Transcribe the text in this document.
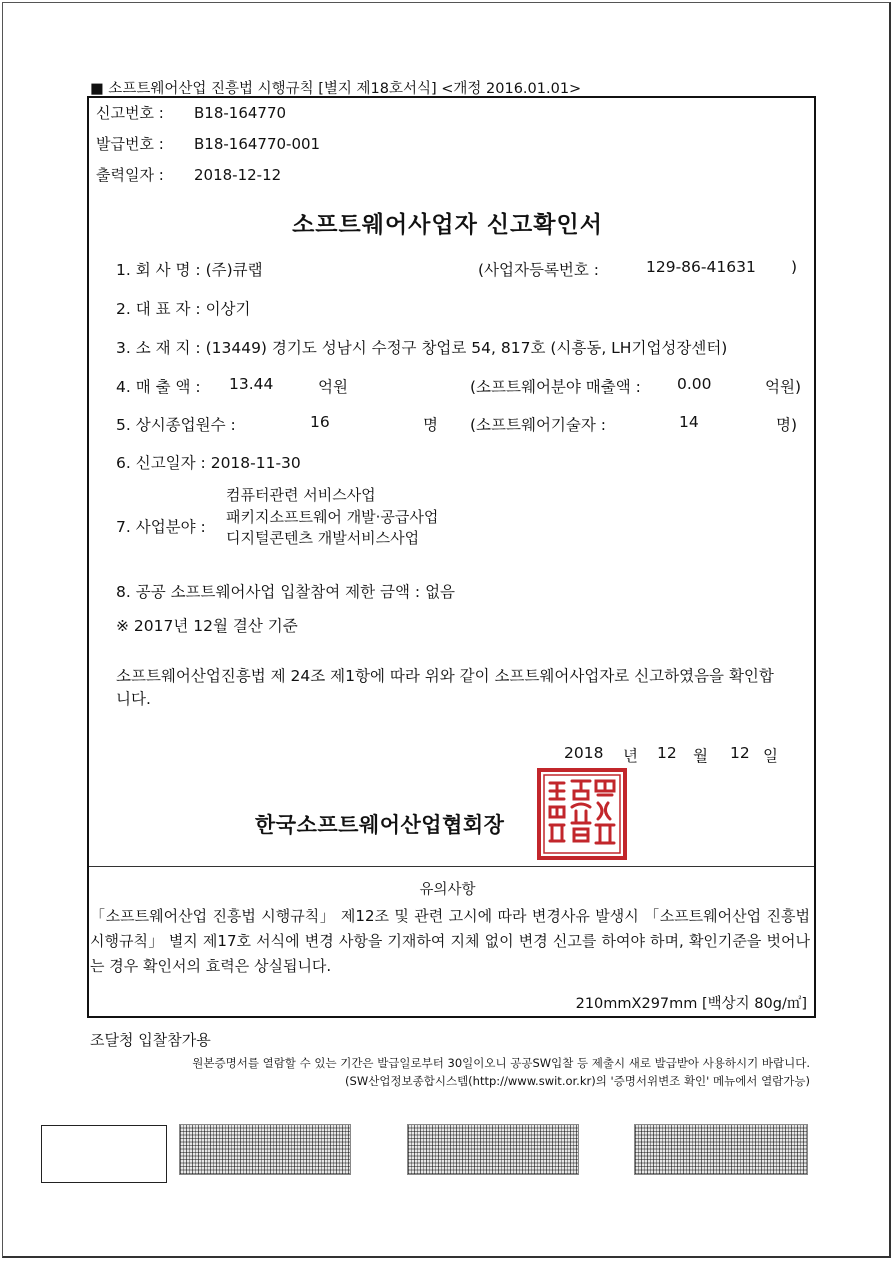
■ 소프트웨어산업 진흥법 시행규칙 [별지 제18호서식] <개정 2016.01.01>
신고번호 : B18-164770
발급번호 : B18-164770-001
출력일자 : 2018-12-12
소프트웨어사업자 신고확인서
1. 회 사 명 : (주)큐랩	(사업자등록번호 :	129-86-41631 )
2. 대 표 자 : 이상기
3. 소 재 지 : (13449) 경기도 성남시 수정구 창업로 54, 817호 (시흥동, LH기업성장센터)
4. 매 출 액 : 13.44	억원	(소프트웨어분야 매출액 : 0.00	억원)
5. 상시종업원수 :	16	명 (소프트웨어기술자 :	14	명)
6. 신고일자 : 2018-11-30
7. 사업분야 :
컴퓨터관련 서비스사업
패키지소프트웨어 개발·공급사업
디지털콘텐츠 개발서비스사업
8. 공공 소프트웨어사업 입찰참여 제한 금액 : 없음
※ 2017년 12월 결산 기준
소프트웨어산업진흥법 제 24조 제1항에 따라 위와 같이 소프트웨어사업자로 신고하였음을 확인합니다.
2018 년 12 월 12 일
한국소프트웨어산업협회장
유의사항
「소프트웨어산업 진흥법 시행규칙」 제12조 및 관련 고시에 따라 변경사유 발생시 「소프트웨어산업 진흥법 시행규칙」 별지 제17호 서식에 변경 사항을 기재하여 지체 없이 변경 신고를 하여야 하며, 확인기준을 벗어나는 경우 확인서의 효력은 상실됩니다.
210mmX297mm [백상지 80g/㎡]
조달청 입찰참가용
원본증명서를 열람할 수 있는 기간은 발급일로부터 30일이오니 공공SW입찰 등 제출시 새로 발급받아 사용하시기 바랍니다.
(SW산업정보종합시스템(http://www.swit.or.kr)의 '증명서위변조 확인' 메뉴에서 열람가능)
